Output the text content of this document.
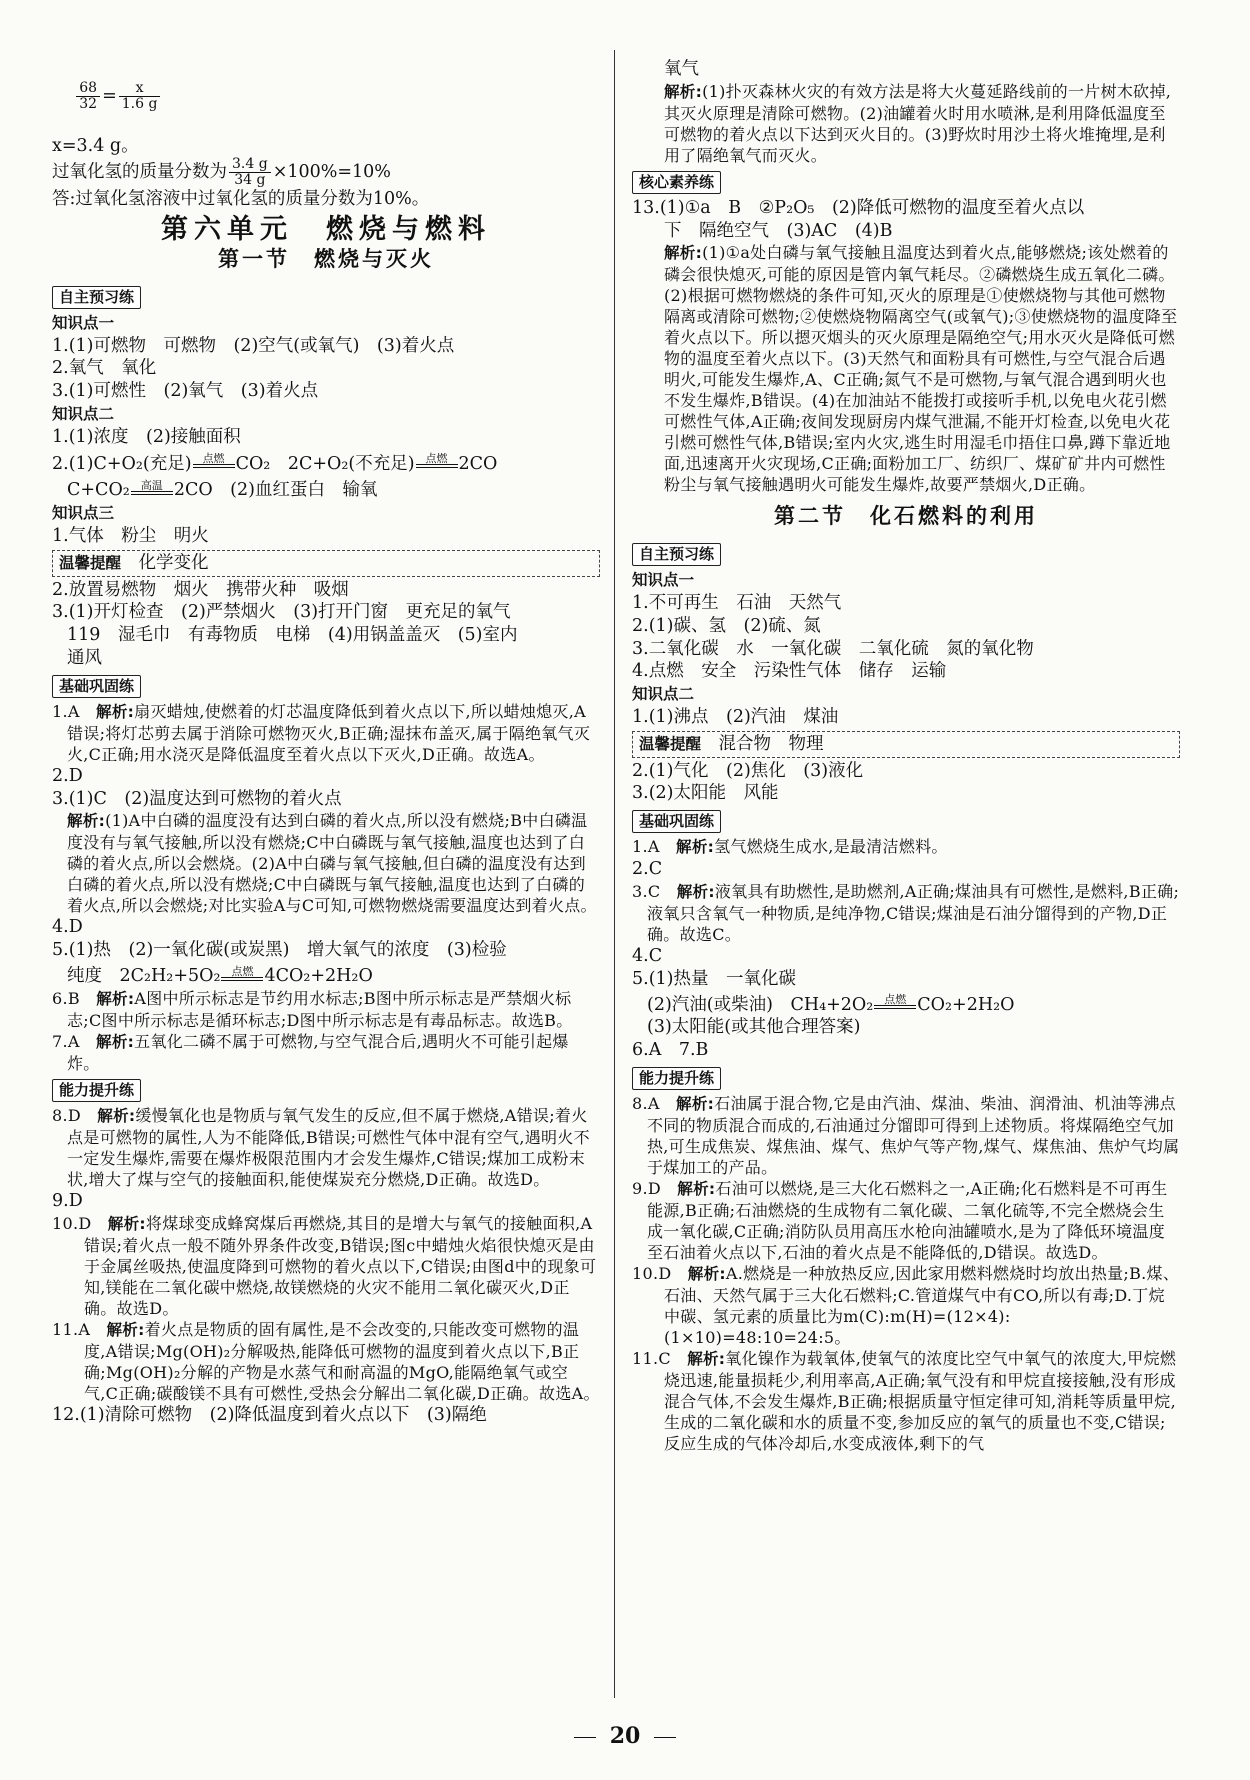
$\frac{68}{32} = \frac{x}{1.6 g}$

x=3.4 g。
过氧化氢的质量分数为 $\frac{3.4 g}{34 g} \times 100\%=10\%$
答:过氧化氢溶液中过氧化氢的质量分数为10%。
第六单元　燃烧与燃料
第一节　燃烧与灭火
自主预习练
知识点一
1.(1)可燃物　可燃物　(2)空气(或氧气)　(3)着火点
2.氧气　氧化
3.(1)可燃性　(2)氧气　(3)着火点
知识点二
1.(1)浓度　(2)接触面积
2.(1)C+O₂(充足)	点燃 CO₂　2C+O₂(不充足)	点燃 2CO
C+CO₂	高温 2CO　(2)血红蛋白　输氧
知识点三
1.气体　粉尘　明火
温馨提醒　 化学变化
2.放置易燃物　烟火　携带火种　吸烟
3.(1)开灯检查　(2)严禁烟火　(3)打开门窗　更充足的氧气
119　湿毛巾　有毒物质　电梯　(4)用锅盖盖灭　(5)室内
通风
基础巩固练
1.A　解析:扇灭蜡烛,使燃着的灯芯温度降低到着火点以下,所以蜡烛熄灭,A错误;将灯芯剪去属于消除可燃物灭火,B正确;湿抹布盖灭,属于隔绝氧气灭火,C正确;用水浇灭是降低温度至着火点以下灭火,D正确。故选A。
2.D
3.(1)C　(2)温度达到可燃物的着火点
解析:(1)A中白磷的温度没有达到白磷的着火点,所以没有燃烧;B中白磷温度没有与氧气接触,所以没有燃烧;C中白磷既与氧气接触,温度也达到了白磷的着火点,所以会燃烧。(2)A中白磷与氧气接触,但白磷的温度没有达到白磷的着火点,所以没有燃烧;C中白磷既与氧气接触,温度也达到了白磷的着火点,所以会燃烧;对比实验A与C可知,可燃物燃烧需要温度达到着火点。
4.D
5.(1)热　(2)一氧化碳(或炭黑)　增大氧气的浓度　(3)检验
纯度　2C₂H₂+5O₂	点燃 4CO₂+2H₂O
6.B　解析:A图中所示标志是节约用水标志;B图中所示标志是严禁烟火标志;C图中所示标志是循环标志;D图中所示标志是有毒品标志。故选B。
7.A　解析:五氧化二磷不属于可燃物,与空气混合后,遇明火不可能引起爆炸。
能力提升练
8.D　解析:缓慢氧化也是物质与氧气发生的反应,但不属于燃烧,A错误;着火点是可燃物的属性,人为不能降低,B错误;可燃性气体中混有空气,遇明火不一定发生爆炸,需要在爆炸极限范围内才会发生爆炸,C错误;煤加工成粉末状,增大了煤与空气的接触面积,能使煤炭充分燃烧,D正确。故选D。
9.D
10.D　解析:将煤球变成蜂窝煤后再燃烧,其目的是增大与氧气的接触面积,A错误;着火点一般不随外界条件改变,B错误;图c中蜡烛火焰很快熄灭是由于金属丝吸热,使温度降到可燃物的着火点以下,C错误;由图d中的现象可知,镁能在二氧化碳中燃烧,故镁燃烧的火灾不能用二氧化碳灭火,D正确。故选D。
11.A　解析:着火点是物质的固有属性,是不会改变的,只能改变可燃物的温度,A错误;Mg(OH)₂分解吸热,能降低可燃物的温度到着火点以下,B正确;Mg(OH)₂分解的产物是水蒸气和耐高温的MgO,能隔绝氧气或空气,C正确;碳酸镁不具有可燃性,受热会分解出二氧化碳,D正确。故选A。
12.(1)清除可燃物　(2)降低温度到着火点以下　(3)隔绝
氧气
解析:(1)扑灭森林火灾的有效方法是将大火蔓延路线前的一片树木砍掉,其灭火原理是清除可燃物。(2)油罐着火时用水喷淋,是利用降低温度至可燃物的着火点以下达到灭火目的。(3)野炊时用沙土将火堆掩埋,是利用了隔绝氧气而灭火。
核心素养练
13.(1)①a　B　②P₂O₅　(2)降低可燃物的温度至着火点以
下　隔绝空气　(3)AC　(4)B
解析:(1)①a处白磷与氧气接触且温度达到着火点,能够燃烧;该处燃着的磷会很快熄灭,可能的原因是管内氧气耗尽。②磷燃烧生成五氧化二磷。(2)根据可燃物燃烧的条件可知,灭火的原理是①使燃烧物与其他可燃物隔离或清除可燃物;②使燃烧物隔离空气(或氧气);③使燃烧物的温度降至着火点以下。所以摁灭烟头的灭火原理是隔绝空气;用水灭火是降低可燃物的温度至着火点以下。(3)天然气和面粉具有可燃性,与空气混合后遇明火,可能发生爆炸,A、C正确;氮气不是可燃物,与氧气混合遇到明火也不发生爆炸,B错误。(4)在加油站不能拨打或接听手机,以免电火花引燃可燃性气体,A正确;夜间发现厨房内煤气泄漏,不能开灯检查,以免电火花引燃可燃性气体,B错误;室内火灾,逃生时用湿毛巾捂住口鼻,蹲下靠近地面,迅速离开火灾现场,C正确;面粉加工厂、纺织厂、煤矿矿井内可燃性粉尘与氧气接触遇明火可能发生爆炸,故要严禁烟火,D正确。
第二节　化石燃料的利用
自主预习练
知识点一
1.不可再生　石油　天然气
2.(1)碳、氢　(2)硫、氮
3.二氧化碳　水　一氧化碳　二氧化硫　氮的氧化物
4.点燃　安全　污染性气体　储存　运输
知识点二
1.(1)沸点　(2)汽油　煤油
温馨提醒　 混合物　物理
2.(1)气化　(2)焦化　(3)液化
3.(2)太阳能　风能
基础巩固练
1.A　解析:氢气燃烧生成水,是最清洁燃料。
2.C
3.C　解析:液氧具有助燃性,是助燃剂,A正确;煤油具有可燃性,是燃料,B正确;液氧只含氧气一种物质,是纯净物,C错误;煤油是石油分馏得到的产物,D正确。故选C。
4.C
5.(1)热量　一氧化碳
(2)汽油(或柴油)　CH₄+2O₂	点燃 CO₂+2H₂O
(3)太阳能(或其他合理答案)
6.A　7.B
能力提升练
8.A　解析:石油属于混合物,它是由汽油、煤油、柴油、润滑油、机油等沸点不同的物质混合而成的,石油通过分馏即可得到上述物质。将煤隔绝空气加热,可生成焦炭、煤焦油、煤气、焦炉气等产物,煤气、煤焦油、焦炉气均属于煤加工的产品。
9.D　解析:石油可以燃烧,是三大化石燃料之一,A正确;化石燃料是不可再生能源,B正确;石油燃烧的生成物有二氧化碳、二氧化硫等,不完全燃烧会生成一氧化碳,C正确;消防队员用高压水枪向油罐喷水,是为了降低环境温度至石油着火点以下,石油的着火点是不能降低的,D错误。故选D。
10.D　解析:A.燃烧是一种放热反应,因此家用燃料燃烧时均放出热量;B.煤、石油、天然气属于三大化石燃料;C.管道煤气中有CO,所以有毒;D.丁烷中碳、氢元素的质量比为m(C):m(H)=(12×4):(1×10)=48:10=24:5。
11.C　解析:氧化镍作为载氧体,使氧气的浓度比空气中氧气的浓度大,甲烷燃烧迅速,能量损耗少,利用率高,A正确;氧气没有和甲烷直接接触,没有形成混合气体,不会发生爆炸,B正确;根据质量守恒定律可知,消耗等质量甲烷,生成的二氧化碳和水的质量不变,参加反应的氧气的质量也不变,C错误;反应生成的气体冷却后,水变成液体,剩下的气
20
